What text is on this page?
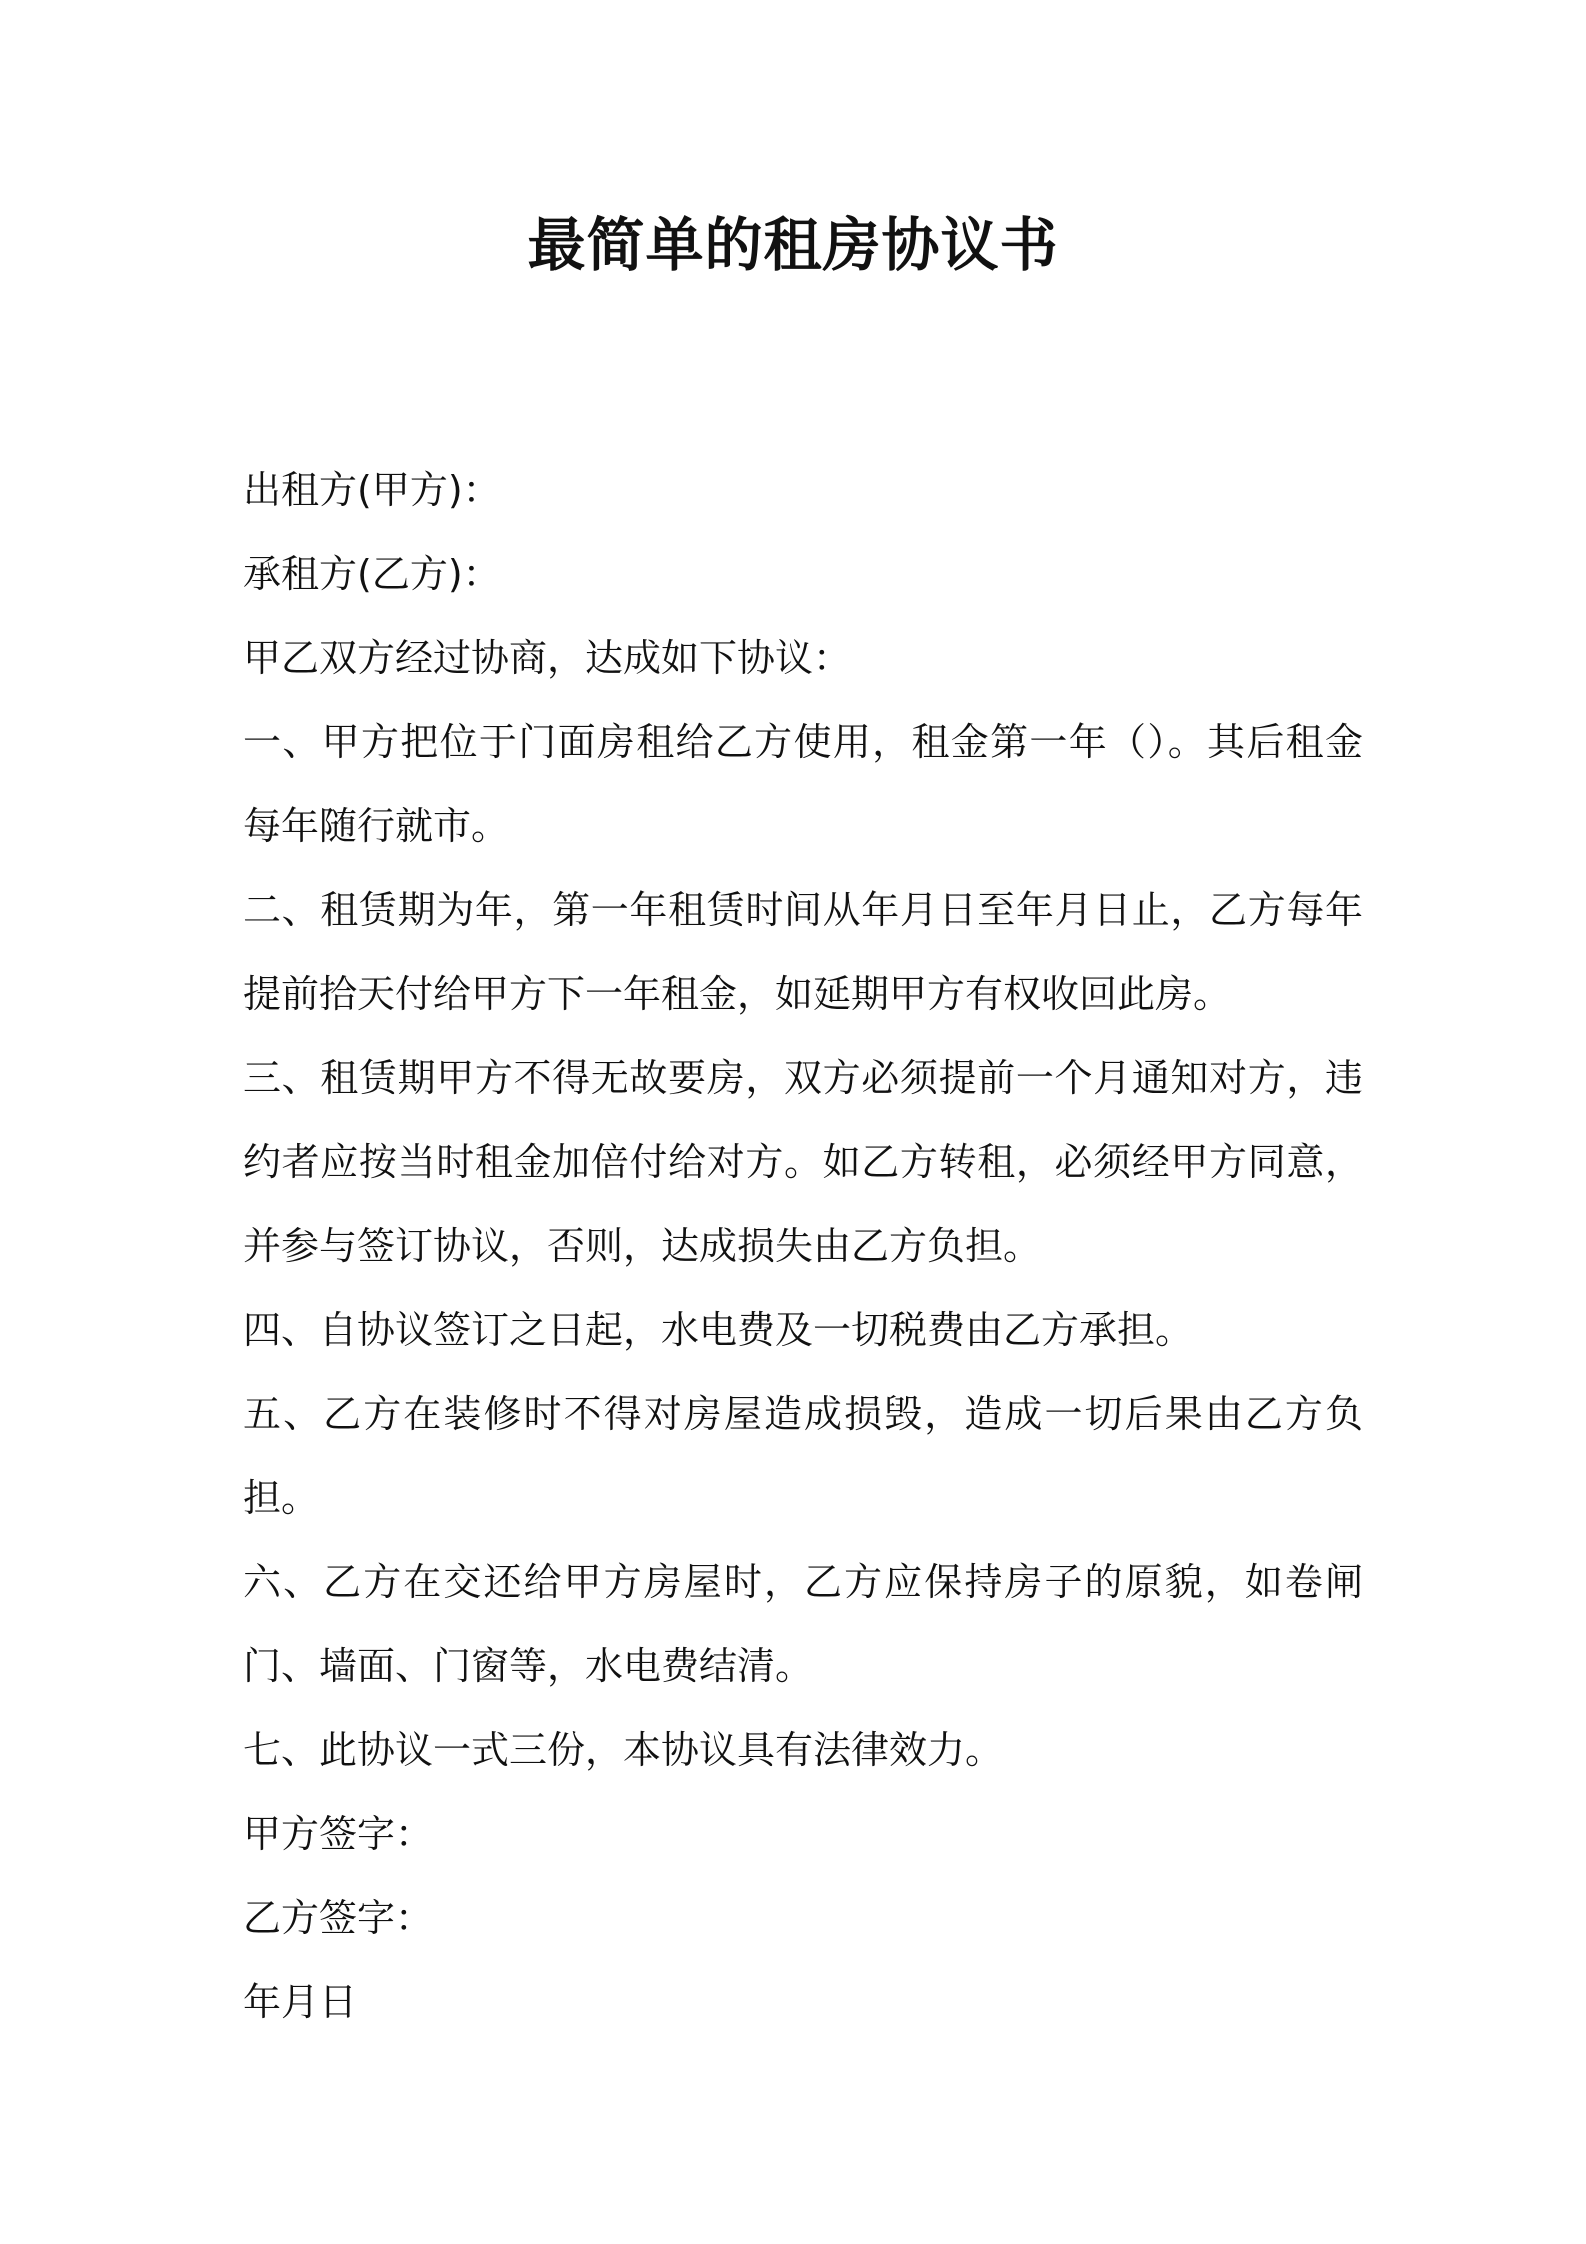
最简单的租房协议书

出租方(甲方)：

承租方(乙方)：

甲乙双方经过协商，达成如下协议：

一、甲方把位于门面房租给乙方使用，租金第一年（）。其后租金每年随行就市。

二、租赁期为年，第一年租赁时间从年月日至年月日止，乙方每年提前拾天付给甲方下一年租金，如延期甲方有权收回此房。

三、租赁期甲方不得无故要房，双方必须提前一个月通知对方，违约者应按当时租金加倍付给对方。如乙方转租，必须经甲方同意，并参与签订协议，否则，达成损失由乙方负担。

四、自协议签订之日起，水电费及一切税费由乙方承担。

五、乙方在装修时不得对房屋造成损毁，造成一切后果由乙方负担。

六、乙方在交还给甲方房屋时，乙方应保持房子的原貌，如卷闸门、墙面、门窗等，水电费结清。

七、此协议一式三份，本协议具有法律效力。

甲方签字：

乙方签字：

年月日
